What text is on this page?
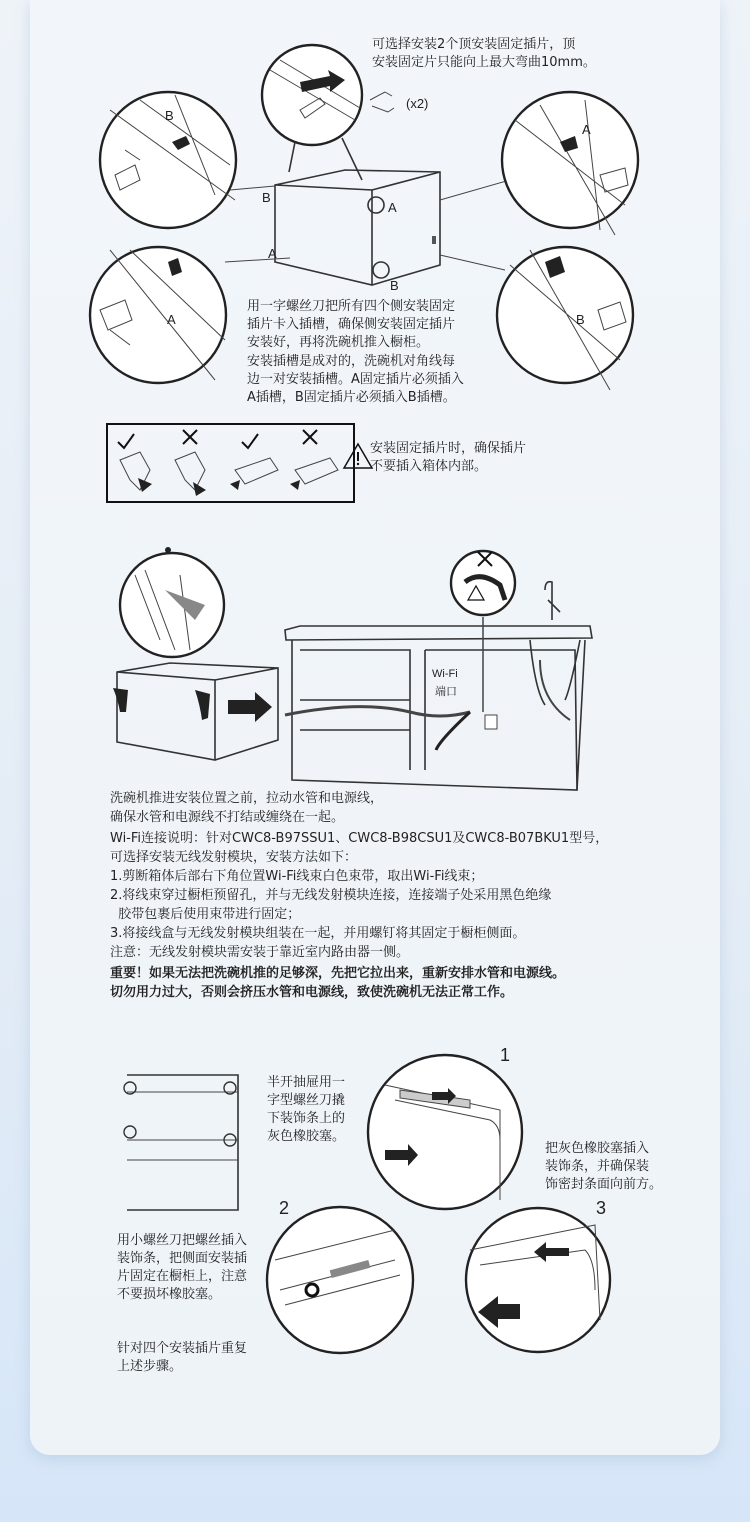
可选择安装2个顶安装固定插片，顶

安装固定片只能向上最大弯曲10mm。

(x2)
B
B
A
A
B
A
A
B

用一字螺丝刀把所有四个侧安装固定

插片卡入插槽，确保侧安装固定插片

安装好，再将洗碗机推入橱柜。

安装插槽是成对的，洗碗机对角线每

边一对安装插槽。A固定插片必须插入

A插槽，B固定插片必须插入B插槽。

安装固定插片时，确保插片

不要插入箱体内部。

Wi-Fi
端口

洗碗机推进安装位置之前，拉动水管和电源线，

确保水管和电源线不打结或缠绕在一起。

Wi-Fi连接说明：针对CWC8-B97SSU1、CWC8-B98CSU1及CWC8-B07BKU1型号，

可选择安装无线发射模块，安装方法如下：

1.剪断箱体后部右下角位置Wi-Fi线束白色束带，取出Wi-Fi线束；

2.将线束穿过橱柜预留孔，并与无线发射模块连接，连接端子处采用黑色绝缘

胶带包裹后使用束带进行固定；

3.将接线盒与无线发射模块组装在一起，并用螺钉将其固定于橱柜侧面。

注意：无线发射模块需安装于靠近室内路由器一侧。

重要！如果无法把洗碗机推的足够深，先把它拉出来，重新安排水管和电源线。

切勿用力过大，否则会挤压水管和电源线，致使洗碗机无法正常工作。

1
2	3

半开抽屉用一

字型螺丝刀撬

下装饰条上的

灰色橡胶塞。

把灰色橡胶塞插入

装饰条，并确保装

饰密封条面向前方。

用小螺丝刀把螺丝插入

装饰条，把侧面安装插

片固定在橱柜上，注意

不要损坏橡胶塞。

针对四个安装插片重复

上述步骤。
